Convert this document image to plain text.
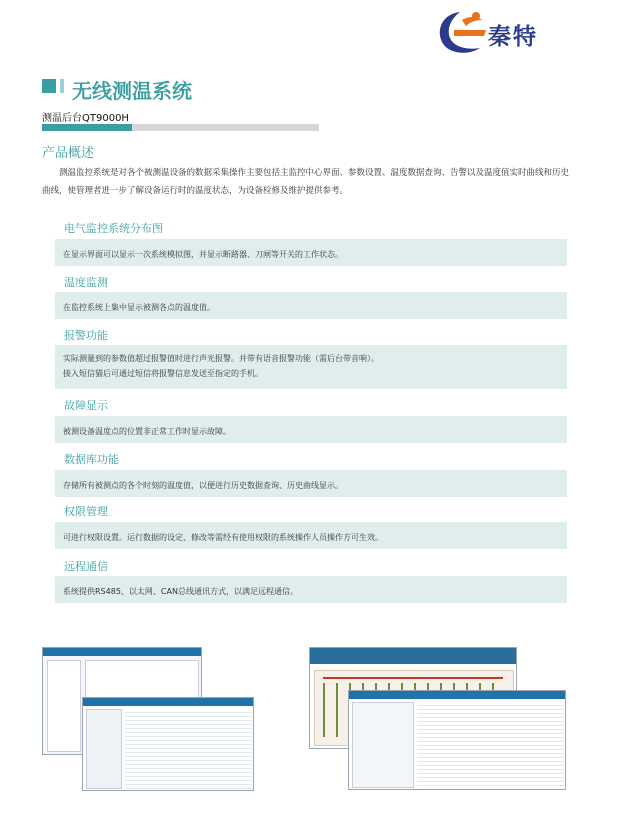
秦特
无线测温系统
测温后台QT9000H
产品概述
测温监控系统是对各个被测温设备的数据采集操作主要包括主监控中心界面、参数设置、温度数据查询、告警以及温度值实时曲线和历史曲线，使管理者进一步了解设备运行时的温度状态，为设备检修及维护提供参考。
电气监控系统分布图
在显示界面可以显示一次系统模拟图，并显示断路器、刀闸等开关的工作状态。
温度监测
在监控系统上集中显示被测各点的温度值。
报警功能
实际测量到的参数值超过报警值时进行声光报警。并带有语音报警功能（需后台带音响）。
接入短信猫后可通过短信将报警信息发送至指定的手机。
故障显示
被测设备温度点的位置非正常工作时显示故障。
数据库功能
存储所有被测点的各个时刻的温度值，以便进行历史数据查询、历史曲线显示。
权限管理
可进行权限设置。运行数据的设定、修改等需经有使用权限的系统操作人员操作方可生效。
远程通信
系统提供RS485、以太网、CAN总线通讯方式，以满足远程通信。
